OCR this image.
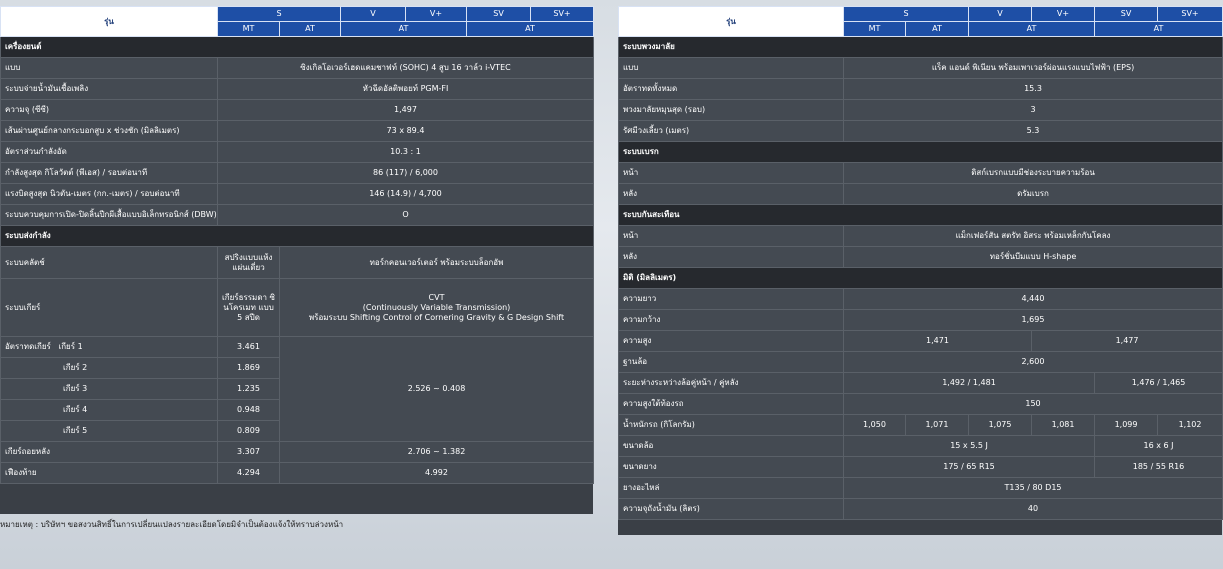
รุ่น	S		V	V+	SV	SV+
	MT	AT	AT		AT	
เครื่องยนต์						
แบบ	ซิงเกิลโอเวอร์เฮดแคมชาฟท์ (SOHC) 4 สูบ 16 วาล์ว i-VTEC					
ระบบจ่ายน้ำมันเชื้อเพลิง	หัวฉีดอัลติพอยท์ PGM-FI					
ความจุ (ซีซี)	1,497					
เส้นผ่านศูนย์กลางกระบอกสูบ x ช่วงชัก (มิลลิเมตร)	73 x 89.4					
อัตราส่วนกำลังอัด	10.3 : 1					
กำลังสูงสุด กิโลวัตต์ (พีเอส) / รอบต่อนาที	86 (117) / 6,000					
แรงบิดสูงสุด นิวตัน-เมตร (กก.-เมตร) / รอบต่อนาที	146 (14.9) / 4,700					
ระบบควบคุมการเปิด-ปิดลิ้นปีกผีเสื้อแบบอิเล็กทรอนิกส์ (DBW)	O					
ระบบส่งกำลัง						
ระบบคลัตช์	สปริงแบบแห้ง แผ่นเดี่ยว	ทอร์กคอนเวอร์เตอร์ พร้อมระบบล็อกอัพ				
ระบบเกียร์	เกียร์ธรรมดา ซินโครเมท แบบ 5 สปีด	CVT
(Continuously Variable Transmission)
พร้อมระบบ Shifting Control of Cornering Gravity & G Design Shift				

อัตราทดเกียร์ เกียร์ 1	3.461	2.526 ~ 0.408				
เกียร์ 2	1.869					
เกียร์ 3	1.235					
เกียร์ 4	0.948					
เกียร์ 5	0.809					
เกียร์ถอยหลัง	3.307	2.706 ~ 1.382				
เฟืองท้าย	4.294	4.992				
หมายเหตุ : บริษัทฯ ขอสงวนสิทธิ์ในการเปลี่ยนแปลงรายละเอียดโดยมิจำเป็นต้องแจ้งให้ทราบล่วงหน้า
รุ่น	S		V	V+	SV	SV+
	MT	AT	AT		AT	
ระบบพวงมาลัย						
แบบ	แร็ค แอนด์ พิเนียน พร้อมเพาเวอร์ผ่อนแรงแบบไฟฟ้า (EPS)					
อัตราทดทั้งหมด	15.3					
พวงมาลัยหมุนสุด (รอบ)	3					
รัศมีวงเลี้ยว (เมตร)	5.3					
ระบบเบรก						
หน้า	ดิสก์เบรกแบบมีช่องระบายความร้อน					
หลัง	ดรัมเบรก					
ระบบกันสะเทือน						
หน้า	แม็กเฟอร์สัน สตรัท อิสระ พร้อมเหล็กกันโคลง					
หลัง	ทอร์ชั่นบีมแบบ H-shape					
มิติ (มิลลิเมตร)						
ความยาว	4,440					
ความกว้าง	1,695					
ความสูง	1,471			1,477		
ฐานล้อ	2,600					
ระยะห่างระหว่างล้อคู่หน้า / คู่หลัง	1,492 / 1,481				1,476 / 1,465	
ความสูงใต้ท้องรถ	150					
น้ำหนักรถ (กิโลกรัม)	1,050	1,071	1,075	1,081	1,099	1,102
ขนาดล้อ	15 x 5.5 J				16 x 6 J	
ขนาดยาง	175 / 65 R15				185 / 55 R16	
ยางอะไหล่	T135 / 80 D15					
ความจุถังน้ำมัน (ลิตร)	40					
